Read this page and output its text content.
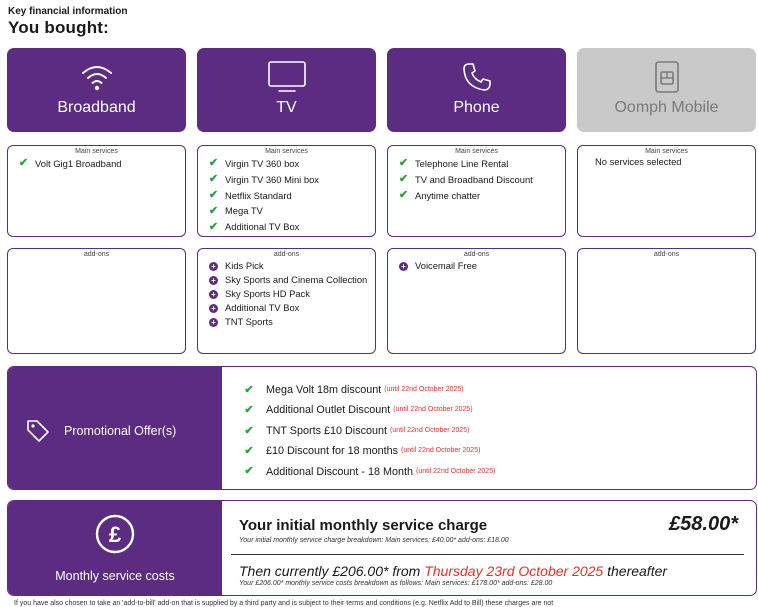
Key financial information
You bought:
Broadband	TV	Phone	Oomph Mobile
Main services
✔ Volt Gig1 Broadband
Main services
✔ Virgin TV 360 box
✔ Virgin TV 360 Mini box
✔ Netflix Standard
✔ Mega TV
✔ Additional TV Box
Main services
✔ Telephone Line Rental
✔ TV and Broadband Discount
✔ Anytime chatter
Main services
No services selected
add-ons	add-ons
+ Kids Pick
+ Sky Sports and Cinema Collection
+ Sky Sports HD Pack
+ Additional TV Box
+ TNT Sports
add-ons
+ Voicemail Free
add-ons
Promotional Offer(s)
✔ Mega Volt 18m discount (until 22nd October 2025)
✔ Additional Outlet Discount (until 22nd October 2025)
✔ TNT Sports £10 Discount (until 22nd October 2025)
✔ £10 Discount for 18 months (until 22nd October 2025)
✔ Additional Discount - 18 Month (until 22nd October 2025)
£
Monthly service costs
Your initial monthly service charge
Your initial monthly service charge breakdown: Main services: £40.00* add-ons: £18.00
£58.00*
Then currently £206.00* from Thursday 23rd October 2025 thereafter
Your £206.00* monthly service costs breakdown as follows: Main services: £178.00* add-ons: £28.00
If you have also chosen to take an 'add-to-bill' add-on that is supplied by a third party and is subject to their terms and conditions (e.g. Netflix Add to Bill) these charges are not
